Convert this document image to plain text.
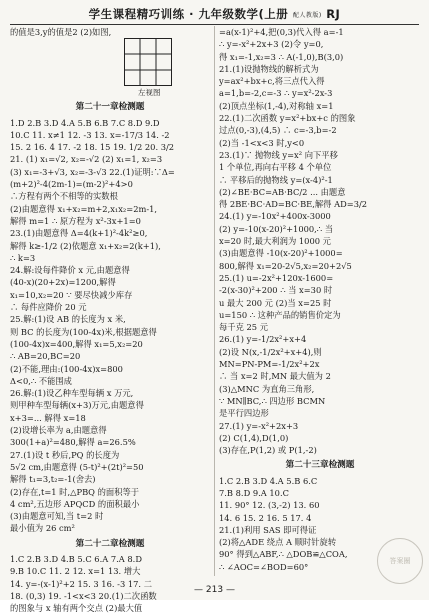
学生课程精巧训练 · 九年级数学(上册 配人教版) RJ
的值是3,y的值是2 (2)如图,
左视图
第二十一章检测题
1.D 2.B 3.D 4.A 5.B 6.B 7.C 8.D 9.D
10.C 11. x≠1 12. -3 13. x=-17/3 14. -2
15. 2 16. 4 17. -2 18. 15 19. 1/2 20. 3/2
21. (1) x₁=√2, x₂=-√2 (2) x₁=1, x₂=3
(3) x₁=-3+√3, x₂=-3-√3 22.(1)证明:∵Δ=
(m+2)²-4(2m-1)=(m-2)²+4>0
∴方程有两个不相等的实数根
(2)由题意得 x₁+x₂=m+2,x₁x₂=2m-1,
解得 m=1 ∴ 原方程为 x²-3x+1=0
23.(1)由题意得 Δ=4(k+1)²-4k²≥0,
解得 k≥-1/2 (2)依题意 x₁+x₂=2(k+1),
∴ k=3
24.解:设每件降价 x 元,由题意得
(40-x)(20+2x)=1200,解得
x₁=10,x₂=20 ∵ 要尽快减少库存
∴ 每件应降价 20 元
25.解:(1)设 AB 的长度为 x 米,
则 BC 的长度为(100-4x)米,根据题意得
(100-4x)x=400,解得 x₁=5,x₂=20
∴ AB=20,BC=20
(2)不能,理由:(100-4x)x=800
Δ<0,∴ 不能围成
26.解:(1)设乙种车型每辆 x 万元,
则甲种车型每辆(x+3)万元,由题意得
x+3=... 解得 x=18
(2)设增长率为 a,由题意得
300(1+a)²=480,解得 a=26.5%
27.(1)设 t 秒后,PQ 的长度为
5√2 cm,由题意得 (5-t)²+(2t)²=50
解得 t₁=3,t₂=-1(舍去)
(2)存在,t=1 时,△PBQ 的面积等于
4 cm²,五边形 APQCD 的面积最小
(3)由题意可知,当 t=2 时
最小值为 26 cm²
第二十二章检测题
1.C 2.B 3.D 4.B 5.C 6.A 7.A 8.D
9.B 10.C 11. 2 12. x=1 13. 增大
14. y=-(x-1)²+2 15. 3 16. -3 17. 二
18. (0,3) 19. -1<x<3 20.(1)二次函数
的图象与 x 轴有两个交点 (2)最大值
=a(x-1)²+4,把(0,3)代入得 a=-1
∴ y=-x²+2x+3 (2)令 y=0,
得 x₁=-1,x₂=3 ∴ A(-1,0),B(3,0)
21.(1)设抛物线的解析式为
y=ax²+bx+c,将三点代入得
a=1,b=-2,c=-3 ∴ y=x²-2x-3
(2)顶点坐标(1,-4),对称轴 x=1
22.(1)二次函数 y=x²+bx+c 的图象
过点(0,-3),(4,5) ∴ c=-3,b=-2
(2)当 -1<x<3 时,y<0
23.(1)∵ 抛物线 y=x² 向下平移
1 个单位,再向右平移 4 个单位
∴ 平移后的抛物线 y=(x-4)²-1
(2)∠BE·BC=AB·BC/2 ... 由题意
得 2BE·BC·AD=BC·BE,解得 AD=3/2
24.(1) y=-10x²+400x-3000
(2) y=-10(x-20)²+1000,∴ 当
x=20 时,最大利润为 1000 元
(3)由题意得 -10(x-20)²+1000=
800,解得 x₁=20-2√5,x₂=20+2√5
25.(1) u=-2x²+120x-1600=
-2(x-30)²+200 ∴ 当 x=30 时
u 最大 200 元 (2)当 x=25 时
u=150 ∴ 这种产品的销售价定为
每千克 25 元
26.(1) y=-1/2x²+x+4
(2)设 N(x,-1/2x²+x+4),则
MN=PN-PM=-1/2x²+2x
∴ 当 x=2 时,MN 最大值为 2
(3)△MNC 为直角三角形,
∵ MN∥BC,∴ 四边形 BCMN
是平行四边形
27.(1) y=-x²+2x+3
(2) C(1,4),D(1,0)
(3)存在,P(1,2) 或 P(1,-2)
第二十三章检测题
1.C 2.B 3.D 4.A 5.B 6.C
7.B 8.D 9.A 10.C
11. 90° 12. (3,-2) 13. 60
14. 6 15. 2 16. 5 17. 4
21.(1)利用 SAS 即可得证
(2)将△ADE 绕点 A 顺时针旋转
90° 得到△ABF,∴ △DOB≌△COA,
∴ ∠AOC=∠BOD=60°
答案圈
— 213 —
